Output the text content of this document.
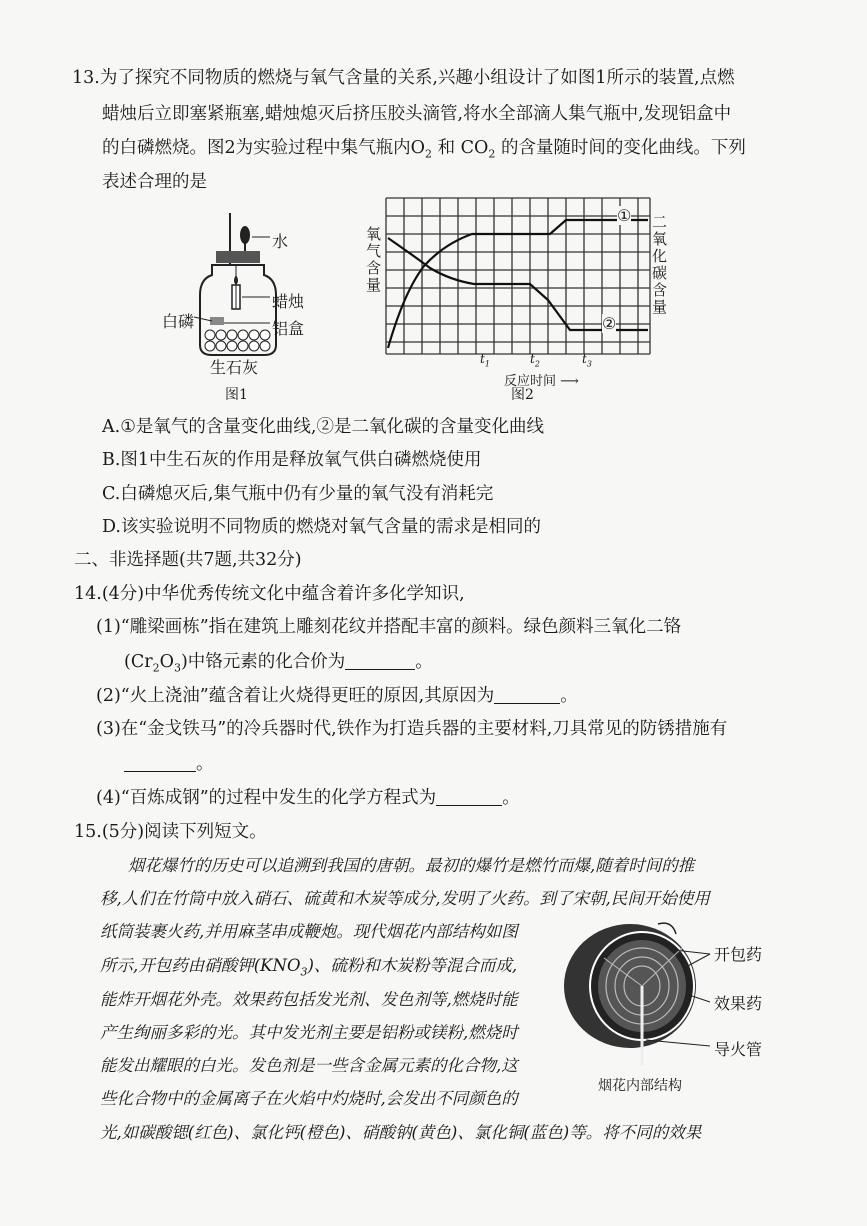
13.为了探究不同物质的燃烧与氧气含量的关系,兴趣小组设计了如图1所示的装置,点燃
蜡烛后立即塞紧瓶塞,蜡烛熄灭后挤压胶头滴管,将水全部滴人集气瓶中,发现铝盒中
的白磷燃烧。图2为实验过程中集气瓶内$O_2$ 和 $CO_2$ 的含量随时间的变化曲线。下列
表述合理的是
水
蜡烛
白磷	铝盒
生石灰
图1
①
②
氧气含量
二氧化碳含量
$t_1$	$t_2$	$t_3$
反应时间 ⟶
图2
A.①是氧气的含量变化曲线,②是二氧化碳的含量变化曲线
B.图1中生石灰的作用是释放氧气供白磷燃烧使用
C.白磷熄灭后,集气瓶中仍有少量的氧气没有消耗完
D.该实验说明不同物质的燃烧对氧气含量的需求是相同的
二、非选择题(共7题,共32分)
14.(4分)中华优秀传统文化中蕴含着许多化学知识,
(1)“雕梁画栋”指在建筑上雕刻花纹并搭配丰富的颜料。绿色颜料三氧化二铬
$(Cr_2O_3)$中铬元素的化合价为	。
(2)“火上浇油”蕴含着让火烧得更旺的原因,其原因为	。
(3)在“金戈铁马”的冷兵器时代,铁作为打造兵器的主要材料,刀具常见的防锈措施有
。
(4)“百炼成钢”的过程中发生的化学方程式为	。
15.(5分)阅读下列短文。
烟花爆竹的历史可以追溯到我国的唐朝。最初的爆竹是燃竹而爆,随着时间的推
移,人们在竹筒中放入硝石、硫黄和木炭等成分,发明了火药。到了宋朝,民间开始使用
纸筒装裹火药,并用麻茎串成鞭炮。现代烟花内部结构如图
所示,开包药由硝酸钾$(KNO_3)$、硫粉和木炭粉等混合而成,
能炸开烟花外壳。效果药包括发光剂、发色剂等,燃烧时能
产生绚丽多彩的光。其中发光剂主要是铝粉或镁粉,燃烧时
能发出耀眼的白光。发色剂是一些含金属元素的化合物,这
些化合物中的金属离子在火焰中灼烧时,会发出不同颜色的
光,如碳酸锶(红色)、氯化钙(橙色)、硝酸钠(黄色)、氯化铜(蓝色)等。将不同的效果
开包药
效果药
导火管
烟花内部结构
